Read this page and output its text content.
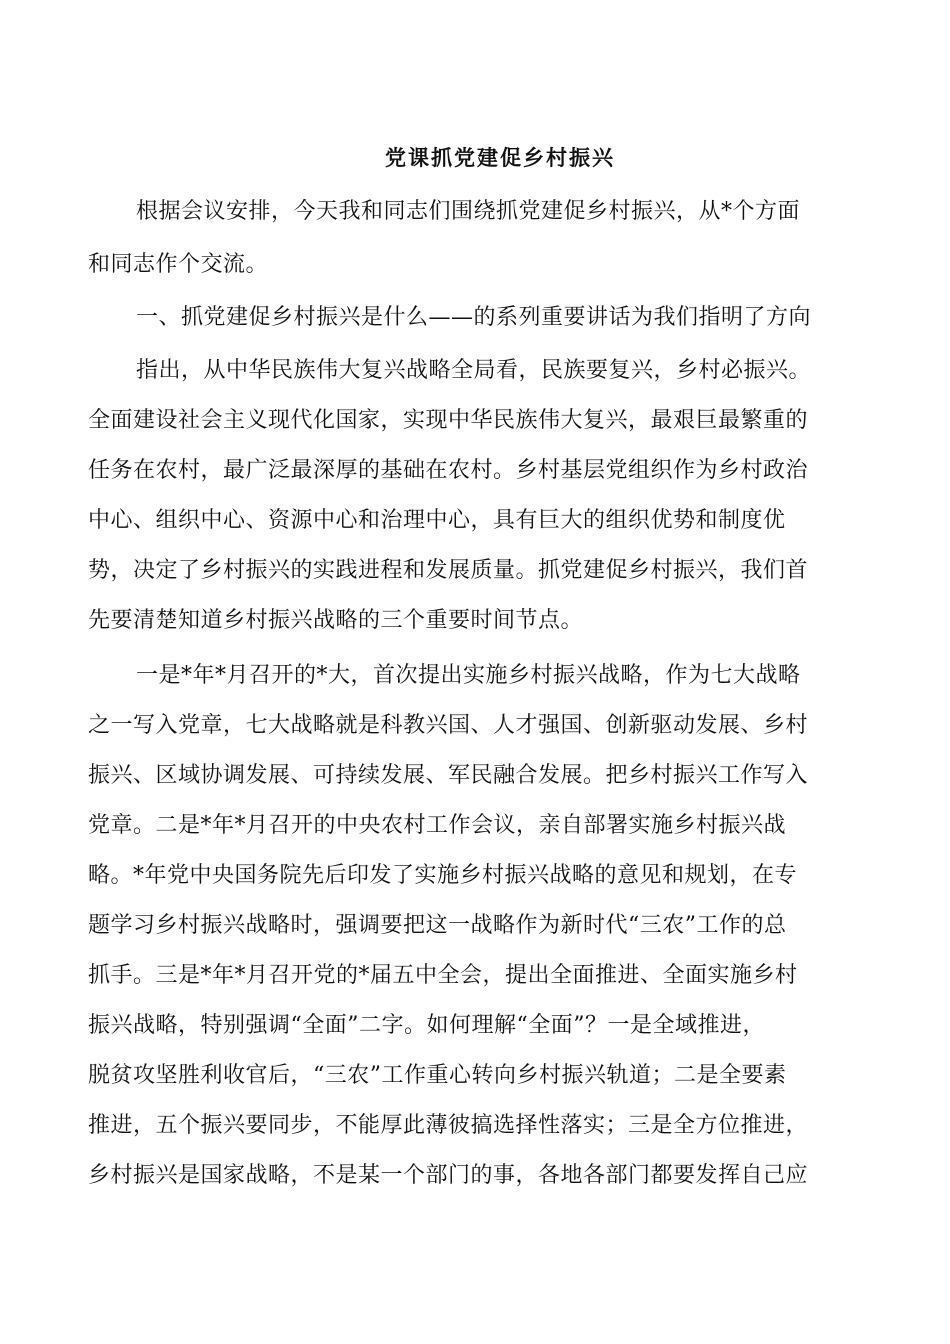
党课抓党建促乡村振兴
根据会议安排，今天我和同志们围绕抓党建促乡村振兴，从*个方面
和同志作个交流。
一、抓党建促乡村振兴是什么——的系列重要讲话为我们指明了方向
指出，从中华民族伟大复兴战略全局看，民族要复兴，乡村必振兴。
全面建设社会主义现代化国家，实现中华民族伟大复兴，最艰巨最繁重的
任务在农村，最广泛最深厚的基础在农村。乡村基层党组织作为乡村政治
中心、组织中心、资源中心和治理中心，具有巨大的组织优势和制度优
势，决定了乡村振兴的实践进程和发展质量。抓党建促乡村振兴，我们首
先要清楚知道乡村振兴战略的三个重要时间节点。
一是*年*月召开的*大，首次提出实施乡村振兴战略，作为七大战略
之一写入党章，七大战略就是科教兴国、人才强国、创新驱动发展、乡村
振兴、区域协调发展、可持续发展、军民融合发展。把乡村振兴工作写入
党章。二是*年*月召开的中央农村工作会议，亲自部署实施乡村振兴战
略。*年党中央国务院先后印发了实施乡村振兴战略的意见和规划，在专
题学习乡村振兴战略时，强调要把这一战略作为新时代“三农”工作的总
抓手。三是*年*月召开党的*届五中全会，提出全面推进、全面实施乡村
振兴战略，特别强调“全面”二字。如何理解“全面”？一是全域推进，
脱贫攻坚胜利收官后，“三农”工作重心转向乡村振兴轨道；二是全要素
推进，五个振兴要同步，不能厚此薄彼搞选择性落实；三是全方位推进，
乡村振兴是国家战略，不是某一个部门的事，各地各部门都要发挥自己应
